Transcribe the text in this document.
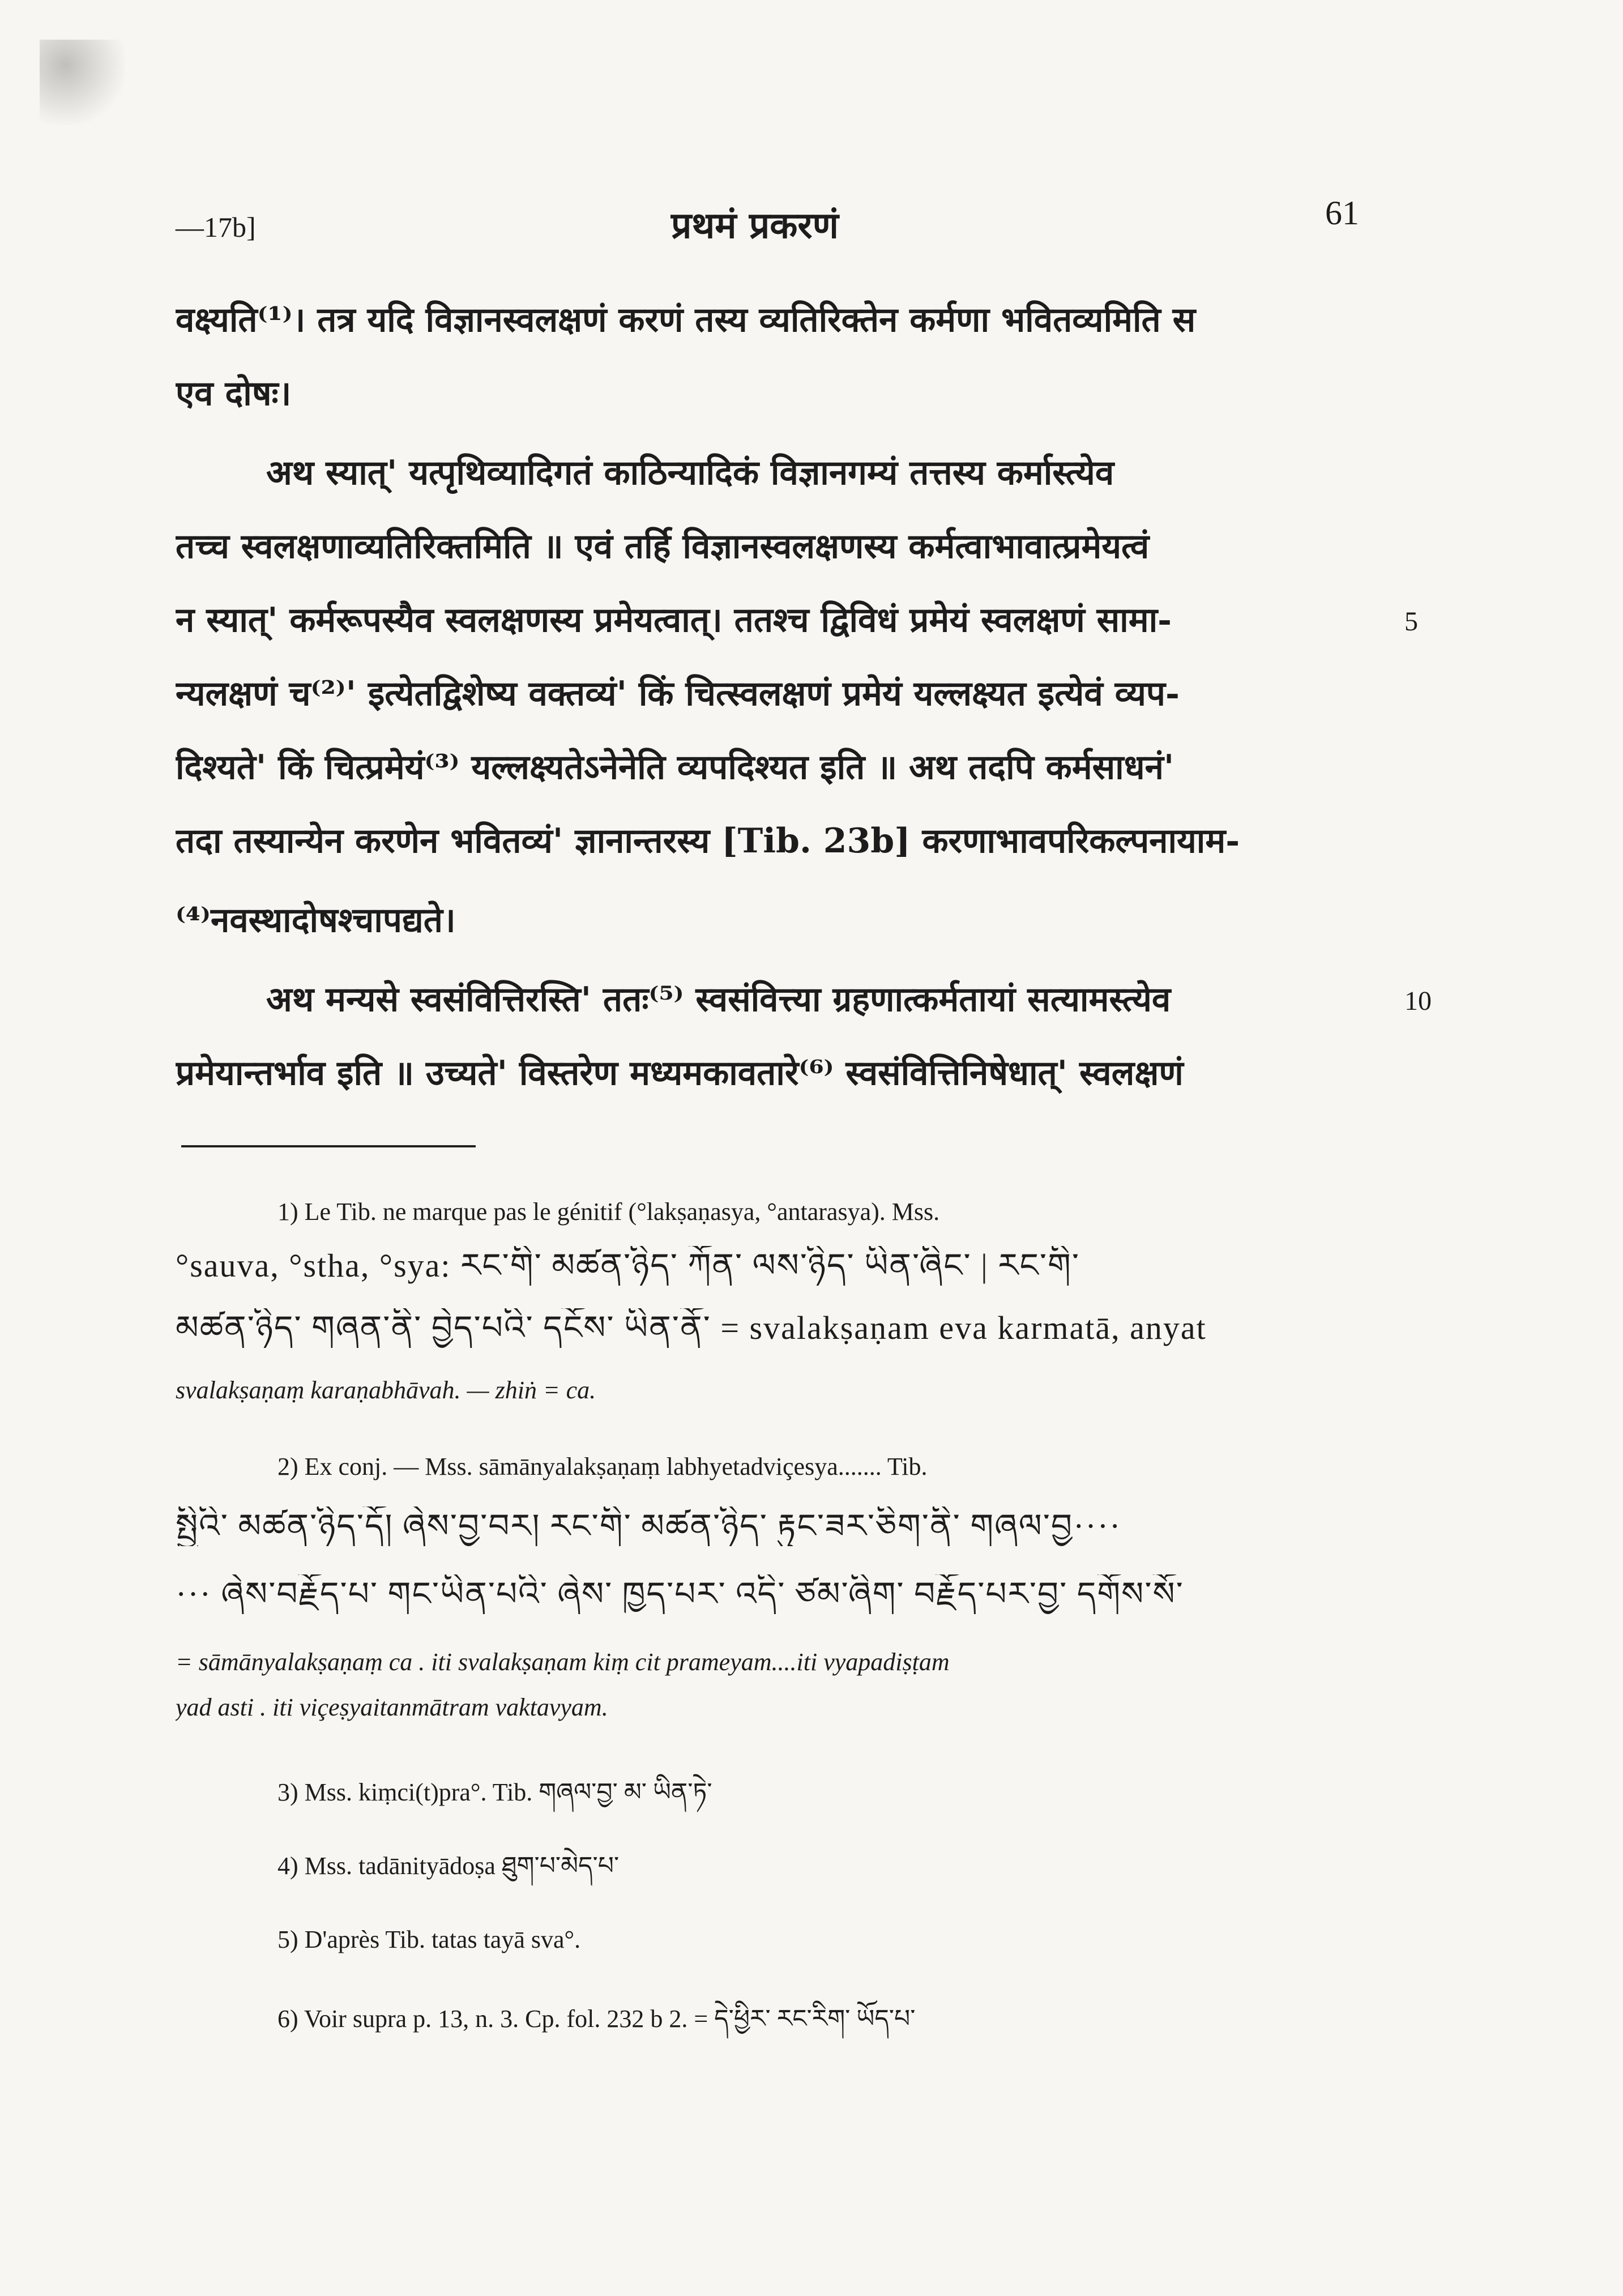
—17b]	प्रथमं प्रकरणं	61
वक्ष्यति⁽¹⁾। तत्र यदि विज्ञानस्वलक्षणं करणं तस्य व्यतिरिक्तेन कर्मणा भवितव्यमिति स
एव दोषः।
अथ स्यात्' यत्पृथिव्यादिगतं काठिन्यादिकं विज्ञानगम्यं तत्तस्य कर्मास्त्येव
तच्च स्वलक्षणाव्यतिरिक्तमिति ॥ एवं तर्हि विज्ञानस्वलक्षणस्य कर्मत्वाभावात्प्रमेयत्वं
न स्यात्' कर्मरूपस्यैव स्वलक्षणस्य प्रमेयत्वात्। ततश्च द्विविधं प्रमेयं स्वलक्षणं सामा-
न्यलक्षणं च⁽²⁾' इत्येतद्विशेष्य वक्तव्यं' किं चित्स्वलक्षणं प्रमेयं यल्लक्ष्यत इत्येवं व्यप-
दिश्यते' किं चित्प्रमेयं⁽³⁾ यल्लक्ष्यतेऽनेनेति व्यपदिश्यत इति ॥ अथ तदपि कर्मसाधनं'
तदा तस्यान्येन करणेन भवितव्यं' ज्ञानान्तरस्य [Tib. 23b] करणाभावपरिकल्पनायाम-
⁽⁴⁾नवस्थादोषश्चापद्यते।
अथ मन्यसे स्वसंवित्तिरस्ति' ततः⁽⁵⁾ स्वसंवित्त्या ग्रहणात्कर्मतायां सत्यामस्त्येव
प्रमेयान्तर्भाव इति ॥ उच्यते' विस्तरेण मध्यमकावतारे⁽⁶⁾ स्वसंवित्तिनिषेधात्' स्वलक्षणं
5
10
1) Le Tib. ne marque pas le génitif (°lakṣaṇasya, °antarasya). Mss.
°sauva, °stha, °sya: རང་གི་ མཚན་ཉིད་ ཀོན་ ལས་ཉིད་ ཡིན་ཞིང་ | རང་གི་
མཚན་ཉིད་ གཞན་ནི་ བྱེད་པའི་ དངོས་ ཡིན་ནོ་ = svalakṣaṇam eva karmatā, anyat
svalakṣaṇaṃ karaṇabhāvah. — zhiṅ = ca.
2) Ex conj. — Mss. sāmānyalakṣaṇaṃ labhyetadviçesya....... Tib.
སྤྱིའི་ མཚན་ཉིད་དོ། ཞེས་བྱ་བར། རང་གི་ མཚན་ཉིད་ རྟུང་ཟར་ཅིག་ནི་ གཞལ་བྱ····
··· ཞེས་བརྗོད་པ་ གང་ཡིན་པའི་ ཞེས་ ཁྱད་པར་ འདི་ ཙམ་ཞིག་ བརྗོད་པར་བྱ་ དགོས་སོ་
= sāmānyalakṣaṇaṃ ca . iti svalakṣaṇam kiṃ cit prameyam....iti vyapadiṣṭam
yad asti . iti viçeṣyaitanmātram vaktavyam.
3) Mss. kiṃci(t)pra°. Tib. གཞལ་བྱ་ མ་ ཡིན་ཏེ་
4) Mss. tadānityādoṣa ཐུག་པ་མེད་པ་
5) D'après Tib. tatas tayā sva°.
6) Voir supra p. 13, n. 3. Cp. fol. 232 b 2. = དེ་ཕྱིར་ རང་རིག་ ཡོད་པ་
